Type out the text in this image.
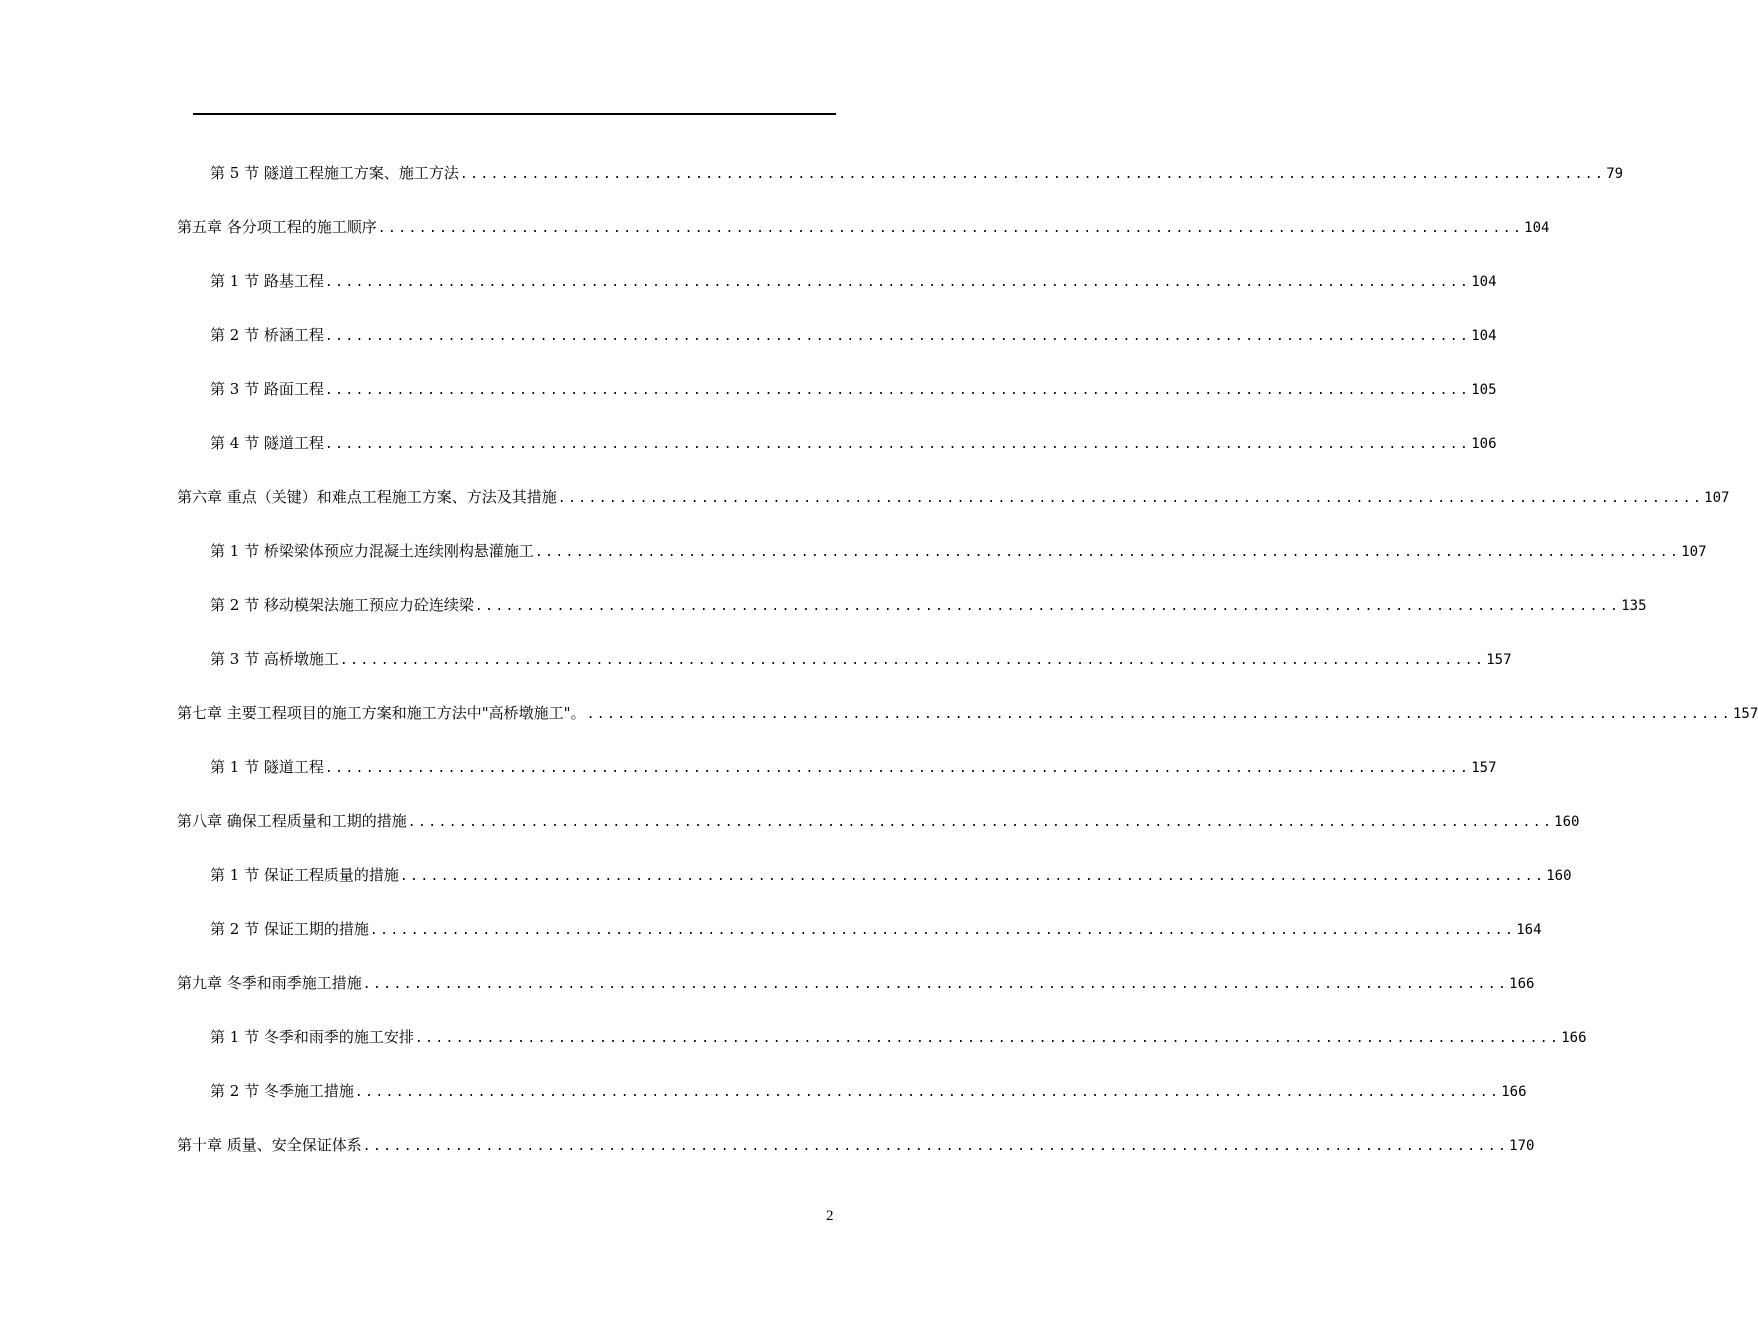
第 5 节 隧道工程施工方案、施工方法 ................................................................................................................ 79
第五章 各分项工程的施工顺序 ................................................................................................................ 104
第 1 节 路基工程 ................................................................................................................ 104
第 2 节 桥涵工程 ................................................................................................................ 104
第 3 节 路面工程 ................................................................................................................ 105
第 4 节 隧道工程 ................................................................................................................ 106
第六章 重点（关键）和难点工程施工方案、方法及其措施 ................................................................................................................ 107
第 1 节 桥梁梁体预应力混凝土连续刚构悬灌施工 ................................................................................................................ 107
第 2 节 移动模架法施工预应力砼连续梁 ................................................................................................................ 135
第 3 节 高桥墩施工 ................................................................................................................ 157
第七章 主要工程项目的施工方案和施工方法中"高桥墩施工"。 ................................................................................................................ 157
第 1 节 隧道工程 ................................................................................................................ 157
第八章 确保工程质量和工期的措施 ................................................................................................................ 160
第 1 节 保证工程质量的措施 ................................................................................................................ 160
第 2 节 保证工期的措施 ................................................................................................................ 164
第九章 冬季和雨季施工措施 ................................................................................................................ 166
第 1 节 冬季和雨季的施工安排 ................................................................................................................ 166
第 2 节 冬季施工措施 ................................................................................................................ 166
第十章 质量、安全保证体系 ................................................................................................................ 170
2
